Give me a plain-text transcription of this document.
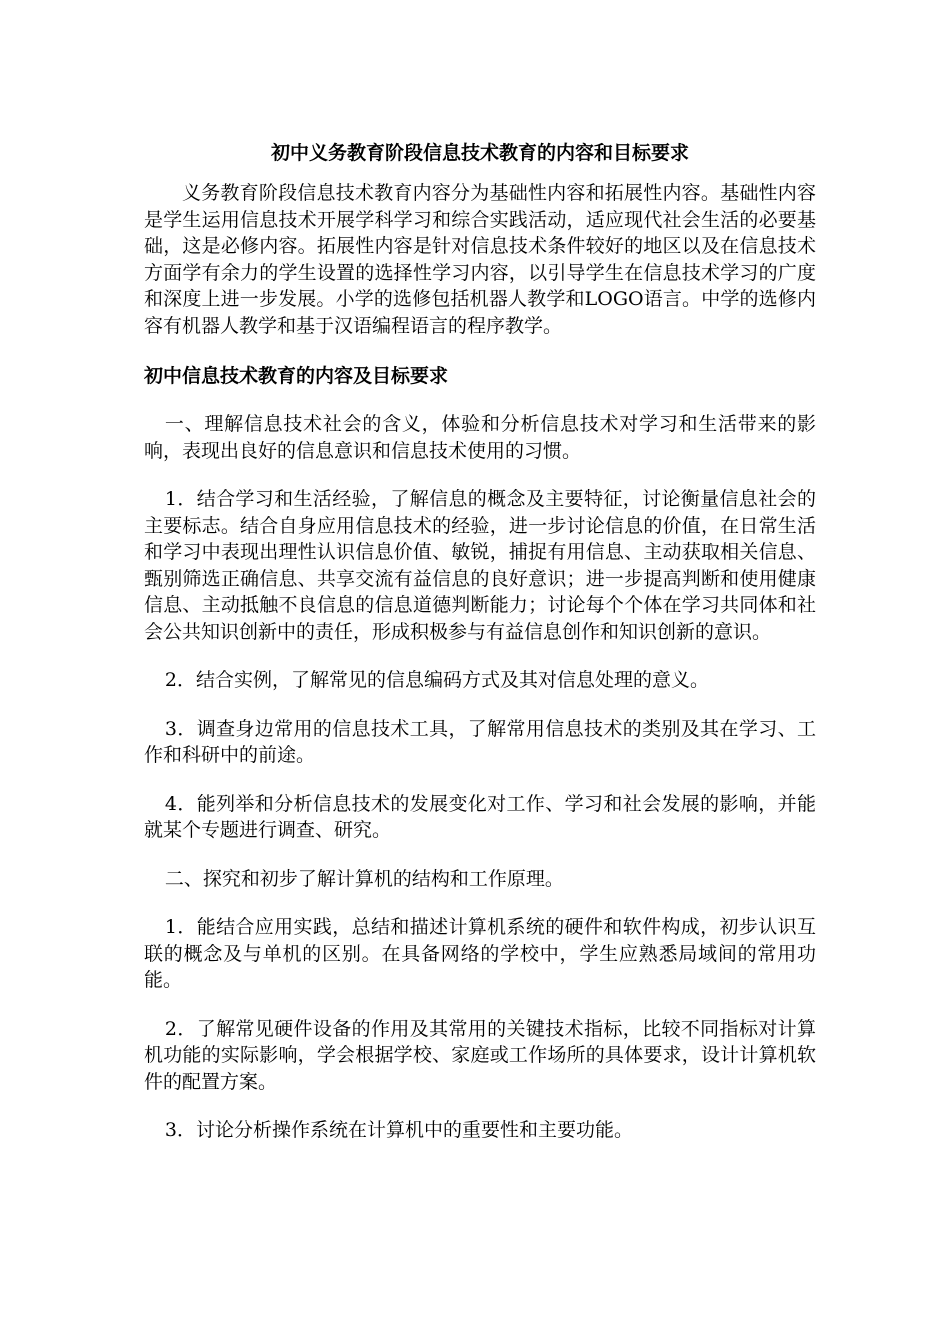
初中义务教育阶段信息技术教育的内容和目标要求

义务教育阶段信息技术教育内容分为基础性内容和拓展性内容。基础性内容是学生运用信息技术开展学科学习和综合实践活动，适应现代社会生活的必要基础，这是必修内容。拓展性内容是针对信息技术条件较好的地区以及在信息技术方面学有余力的学生设置的选择性学习内容，以引导学生在信息技术学习的广度和深度上进一步发展。小学的选修包括机器人教学和LOGO语言。中学的选修内容有机器人教学和基于汉语编程语言的程序教学。

初中信息技术教育的内容及目标要求

一、理解信息技术社会的含义，体验和分析信息技术对学习和生活带来的影响，表现出良好的信息意识和信息技术使用的习惯。

1．结合学习和生活经验，了解信息的概念及主要特征，讨论衡量信息社会的主要标志。结合自身应用信息技术的经验，进一步讨论信息的价值，在日常生活和学习中表现出理性认识信息价值、敏锐，捕捉有用信息、主动获取相关信息、甄别筛选正确信息、共享交流有益信息的良好意识；进一步提高判断和使用健康信息、主动抵触不良信息的信息道德判断能力；讨论每个个体在学习共同体和社会公共知识创新中的责任，形成积极参与有益信息创作和知识创新的意识。

2．结合实例，了解常见的信息编码方式及其对信息处理的意义。

3．调查身边常用的信息技术工具，了解常用信息技术的类别及其在学习、工作和科研中的前途。

4．能列举和分析信息技术的发展变化对工作、学习和社会发展的影响，并能就某个专题进行调查、研究。

二、探究和初步了解计算机的结构和工作原理。

1．能结合应用实践，总结和描述计算机系统的硬件和软件构成，初步认识互联的概念及与单机的区别。在具备网络的学校中，学生应熟悉局域间的常用功能。

2．了解常见硬件设备的作用及其常用的关键技术指标，比较不同指标对计算机功能的实际影响，学会根据学校、家庭或工作场所的具体要求，设计计算机软件的配置方案。

3．讨论分析操作系统在计算机中的重要性和主要功能。
